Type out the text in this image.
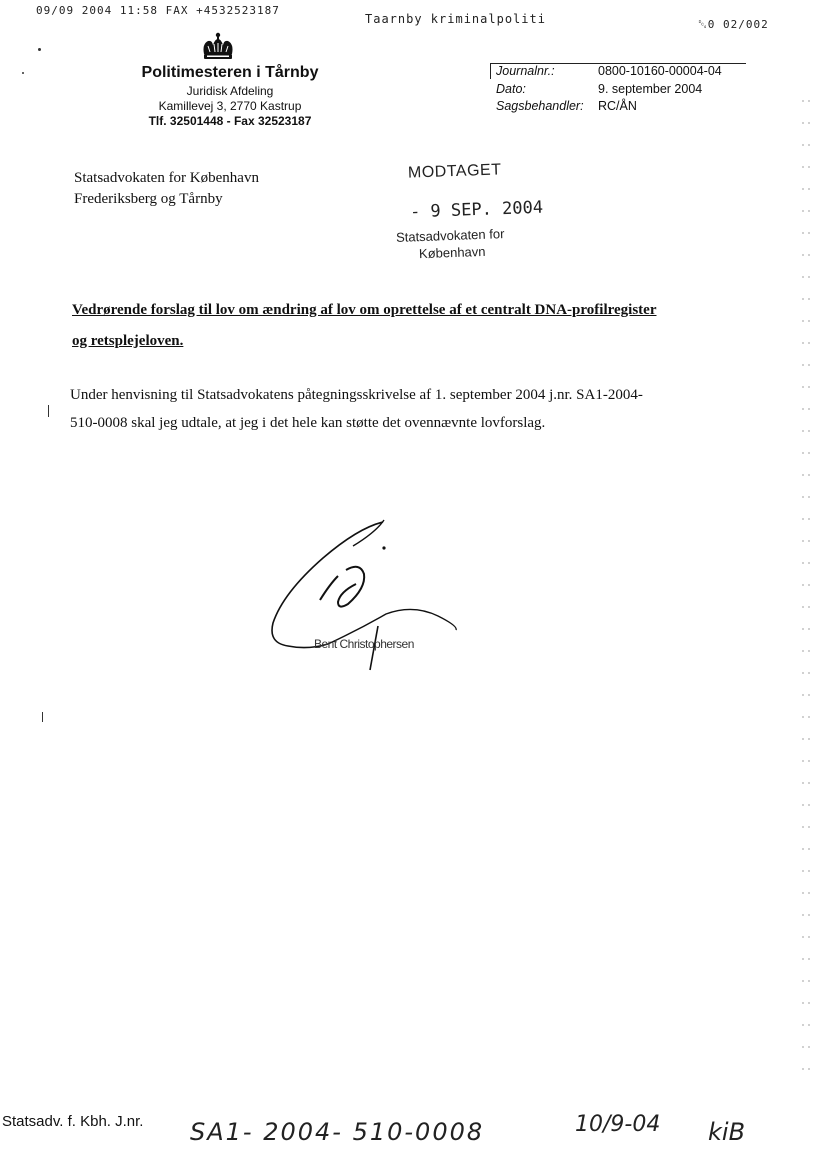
09/09 2004 11:58 FAX +4532523187
Taarnby kriminalpoliti	␔0 02/002
Politimesteren i Tårnby
Juridisk Afdeling
Kamillevej 3, 2770 Kastrup
Tlf. 32501448 - Fax 32523187
Journalnr.:	0800-10160-00004-04
Dato:	9. september 2004
Sagsbehandler: RC/ÅN
Statsadvokaten for København
Frederiksberg og Tårnby
MODTAGET
- 9 SEP. 2004
Statsadvokaten for
København
Vedrørende forslag til lov om ændring af lov om oprettelse af et centralt DNA-profilregister
og retsplejeloven.
Under henvisning til Statsadvokatens påtegningsskrivelse af 1. september 2004 j.nr. SA1-2004-
510-0008 skal jeg udtale, at jeg i det hele kan støtte det ovennævnte lovforslag.
Bent Christophersen
Statsadv. f. Kbh. J.nr. SA1- 2004- 510-0008	10/9-04 kiB
